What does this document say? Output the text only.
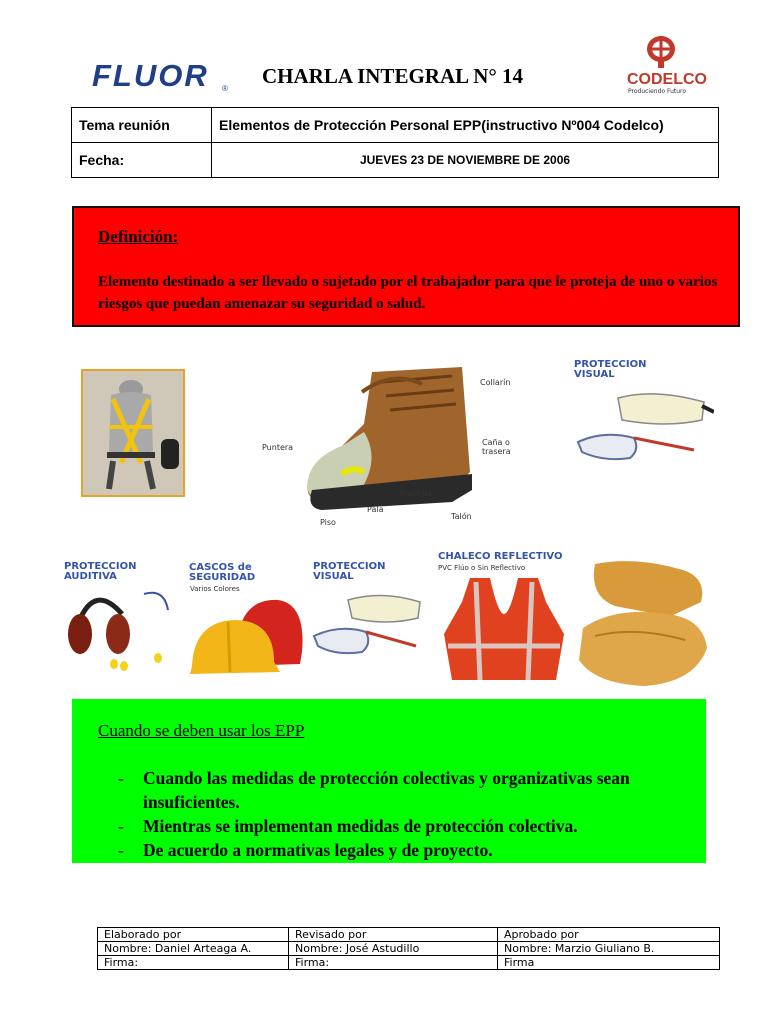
FLUOR ®
CHARLA INTEGRAL N° 14	CODELCO
Produciendo Futuro
Tema reunión	Elementos de Protección Personal EPP(instructivo Nº004 Codelco)
Fecha:	JUEVES 23 DE NOVIEMBRE DE 2006
Definición:
Elemento destinado a ser llevado o sujetado por el trabajador para que le proteja de uno o varios riesgos que puedan amenazar su seguridad o salud.
Collarín
Caña o trasera
Puntera
Plantilla
Pala
Piso
Talón
PROTECCION
VISUAL
PROTECCION
AUDITIVA
CASCOS de
SEGURIDAD
Varios Colores
PROTECCION
VISUAL
CHALECO REFLECTIVO
PVC Flúo o Sin Reflectivo
Cuando se deben usar los EPP
- Cuando las medidas de protección colectivas y organizativas sean insuficientes.
- Mientras se implementan medidas de protección colectiva.
- De acuerdo a normativas legales y de proyecto.
Elaborado por	Revisado por	Aprobado por
Nombre: Daniel Arteaga A.	Nombre: José Astudillo	Nombre: Marzio Giuliano B.
Firma:	Firma:	Firma
